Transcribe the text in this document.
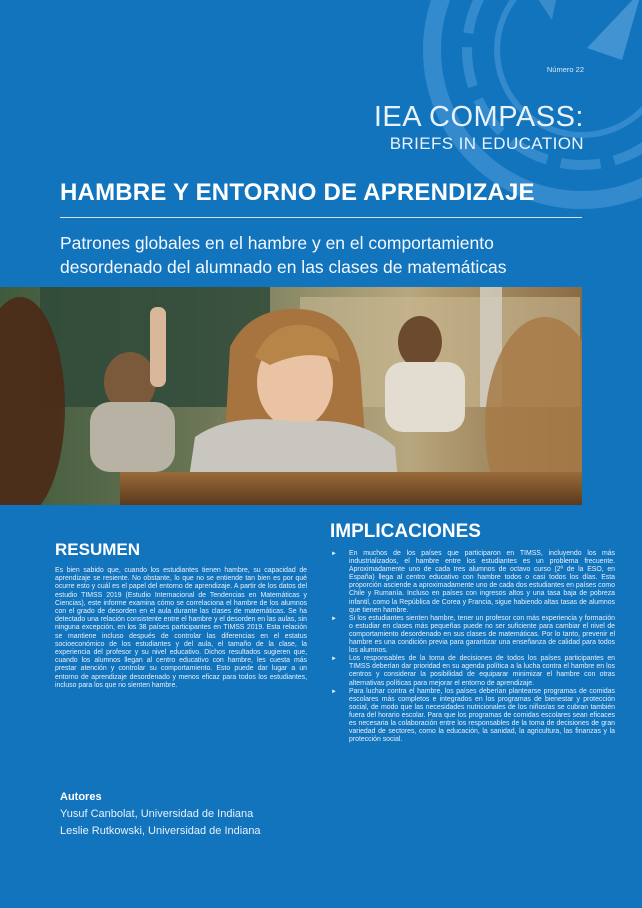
Número 22
IEA COMPASS:
BRIEFS IN EDUCATION
HAMBRE Y ENTORNO DE APRENDIZAJE
Patrones globales en el hambre y en el comportamiento desordenado del alumnado en las clases de matemáticas
IMPLICACIONES
RESUMEN

Es bien sabido que, cuando los estudiantes tienen hambre, su capacidad de aprendizaje se resiente. No obstante, lo que no se entiende tan bien es por qué ocurre esto y cuál es el papel del entorno de aprendizaje. A partir de los datos del estudio TIMSS 2019 (Estudio Internacional de Tendencias en Matemáticas y Ciencias), este informe examina cómo se correlaciona el hambre de los alumnos con el grado de desorden en el aula durante las clases de matemáticas. Se ha detectado una relación consistente entre el hambre y el desorden en las aulas, sin ninguna excepción, en los 38 países participantes en TIMSS 2019. Esta relación se mantiene incluso después de controlar las diferencias en el estatus socioeconómico de los estudiantes y del aula, el tamaño de la clase, la experiencia del profesor y su nivel educativo. Dichos resultados sugieren que, cuando los alumnos llegan al centro educativo con hambre, les cuesta más prestar atención y controlar su comportamiento. Esto puede dar lugar a un entorno de aprendizaje desordenado y menos eficaz para todos los estudiantes, incluso para los que no sienten hambre.

► En muchos de los países que participaron en TIMSS, incluyendo los más industrializados, el hambre entre los estudiantes es un problema frecuente. Aproximadamente uno de cada tres alumnos de octavo curso (2º de la ESO, en España) llega al centro educativo con hambre todos o casi todos los días. Esta proporción asciende a aproximadamente uno de cada dos estudiantes en países como Chile y Rumanía. Incluso en países con ingresos altos y una tasa baja de pobreza infantil, como la República de Corea y Francia, sigue habiendo altas tasas de alumnos que tienen hambre.
► Si los estudiantes sienten hambre, tener un profesor con más experiencia y formación o estudiar en clases más pequeñas puede no ser suficiente para cambiar el nivel de comportamiento desordenado en sus clases de matemáticas. Por lo tanto, prevenir el hambre es una condición previa para garantizar una enseñanza de calidad para todos los alumnos.
► Los responsables de la toma de decisiones de todos los países participantes en TIMSS deberían dar prioridad en su agenda política a la lucha contra el hambre en los centros y considerar la posibilidad de equiparar minimizar el hambre con otras alternativas políticas para mejorar el entorno de aprendizaje.
► Para luchar contra el hambre, los países deberían plantearse programas de comidas escolares más completos e integrados en los programas de bienestar y protección social, de modo que las necesidades nutricionales de los niños/as se cubran también fuera del horario escolar. Para que los programas de comidas escolares sean eficaces es necesaria la colaboración entre los responsables de la toma de decisiones de gran variedad de sectores, como la educación, la sanidad, la agricultura, las finanzas y la protección social.
Autores
Yusuf Canbolat, Universidad de Indiana
Leslie Rutkowski, Universidad de Indiana
